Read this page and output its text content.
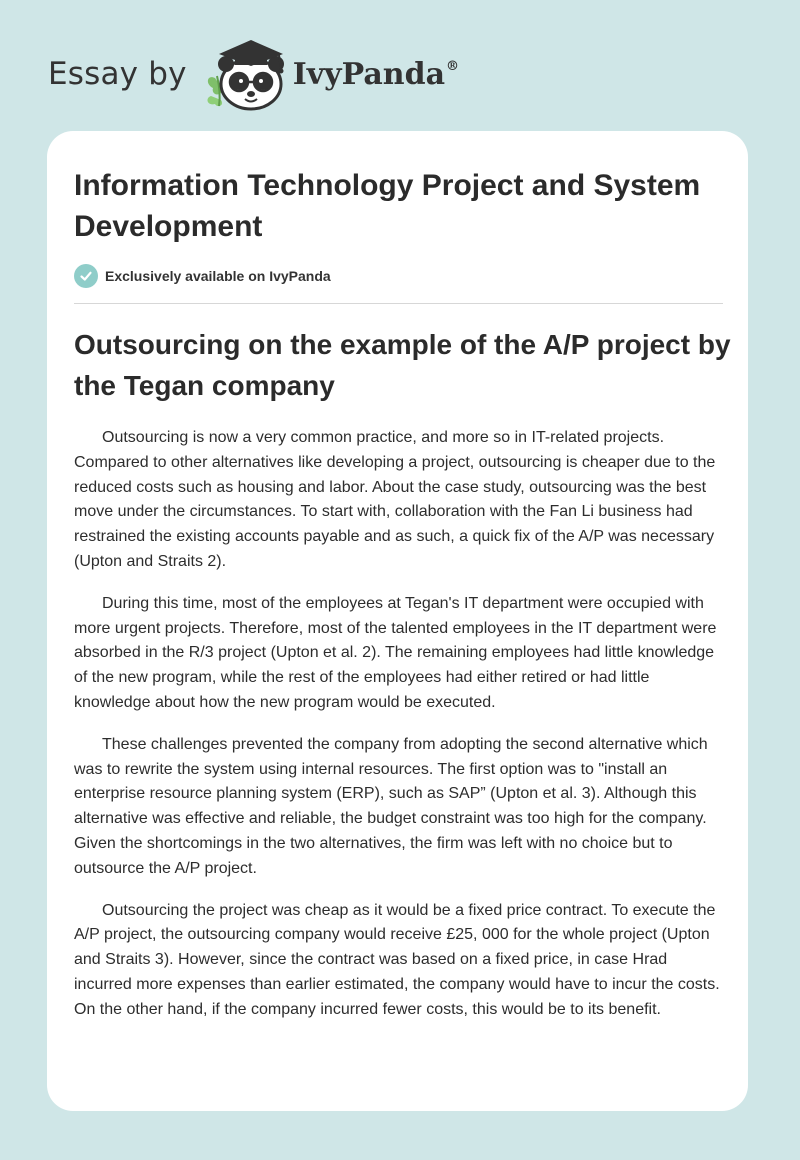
Essay by	IvyPanda®
Information Technology Project and System Development
Exclusively available on IvyPanda
Outsourcing on the example of the A/P project by the Tegan company

Outsourcing is now a very common practice, and more so in IT-related projects. Compared to other alternatives like developing a project, outsourcing is cheaper due to the reduced costs such as housing and labor. About the case study, outsourcing was the best move under the circumstances. To start with, collaboration with the Fan Li business had restrained the existing accounts payable and as such, a quick fix of the A/P was necessary (Upton and Straits 2).

During this time, most of the employees at Tegan's IT department were occupied with more urgent projects. Therefore, most of the talented employees in the IT department were absorbed in the R/3 project (Upton et al. 2). The remaining employees had little knowledge of the new program, while the rest of the employees had either retired or had little knowledge about how the new program would be executed.

These challenges prevented the company from adopting the second alternative which was to rewrite the system using internal resources. The first option was to "install an enterprise resource planning system (ERP), such as SAP” (Upton et al. 3). Although this alternative was effective and reliable, the budget constraint was too high for the company. Given the shortcomings in the two alternatives, the firm was left with no choice but to outsource the A/P project.

Outsourcing the project was cheap as it would be a fixed price contract. To execute the A/P project, the outsourcing company would receive £25, 000 for the whole project (Upton and Straits 3). However, since the contract was based on a fixed price, in case Hrad incurred more expenses than earlier estimated, the company would have to incur the costs. On the other hand, if the company incurred fewer costs, this would be to its benefit.
